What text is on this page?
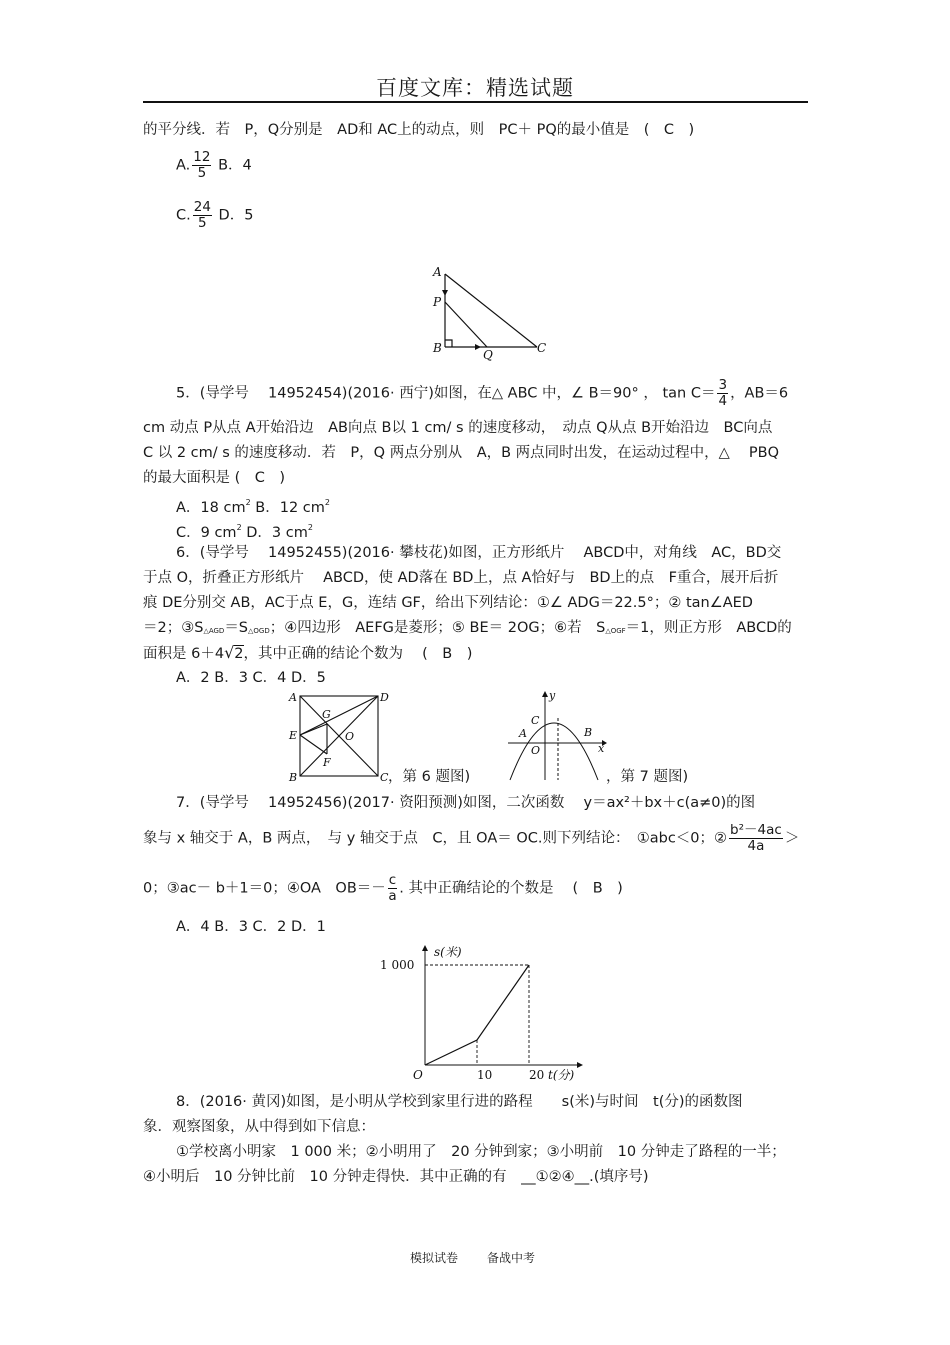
百度文库：精选试题
的平分线．若　P，Q分别是　AD和 AC上的动点，则　PC＋ PQ的最小值是　(　C　)
A. $\frac{12}{5}$ B．4
C. $\frac{24}{5}$ D．5
A
P
B	Q	C
5．(导学号　 14952454)(2016· 西宁)如图，在△ ABC 中，∠ B＝90° ， $\tan C= \frac{3}{4}$ ，AB＝6
cm 动点 P从点 A开始沿边　AB向点 B以 1 cm/ s 的速度移动，　动点 Q从点 B开始沿边　BC向点
C 以 2 cm/ s 的速度移动．若　P，Q 两点分别从　A，B 两点同时出发，在运动过程中，△　 PBQ
的最大面积是 (　C　)
A．18 $cm^2$ B．12 $cm^2$
C．9 $cm^2$ D．3 $cm^2$
6．(导学号　 14952455)(2016· 攀枝花)如图，正方形纸片　 ABCD中，对角线　AC，BD交
于点 O，折叠正方形纸片　 ABCD，使 AD落在 BD上，点 A恰好与　BD上的点　F重合，展开后折
痕 DE分别交 AB，AC于点 E，G，连结 GF，给出下列结论：①∠ ADG＝22.5°；② tan∠AED
＝2；$③S_{\triangle AGD}=S_{\triangle OGD}$；④四边形　AEFG是菱形；⑤ BE＝ 2OG；⑥若　$S_{\triangle OGF}=1$，则正方形　ABCD的
面积是 6＋4√2，其中正确的结论个数为　 (　B　)
A．2 B．3 C．4 D．5
A	D
G
E	O
F
B	C ，第 6 题图)
y
C
B
A
O	x
，第 7 题图)
7．(导学号　 14952456)(2017· 资阳预测)如图，二次函数　 y＝ax²＋bx＋c(a≠0)的图
象与 x 轴交于 A，B 两点，　与 y 轴交于点　C，且 OA＝ OC.则下列结论：　①abc＜0；② $\frac{\text{b²－4ac}}{4a}$ ＞
0；③ac－ b＋1＝0；④OA　$OB=- \frac{c}{a}$ . 其中正确结论的个数是　 (　B　)
A．4 B．3 C．2 D．1
s(米)
1 000
O	10	20 t(分)
8．(2016· 黄冈)如图，是小明从学校到家里行进的路程　　s(米)与时间　t(分)的函数图
象．观察图象，从中得到如下信息：
①学校离小明家　1 000 米；②小明用了　20 分钟到家；③小明前　10 分钟走了路程的一半；
④小明后　10 分钟比前　10 分钟走得快．其中正确的有　__①②④__.(填序号)
模拟试卷 备战中考
